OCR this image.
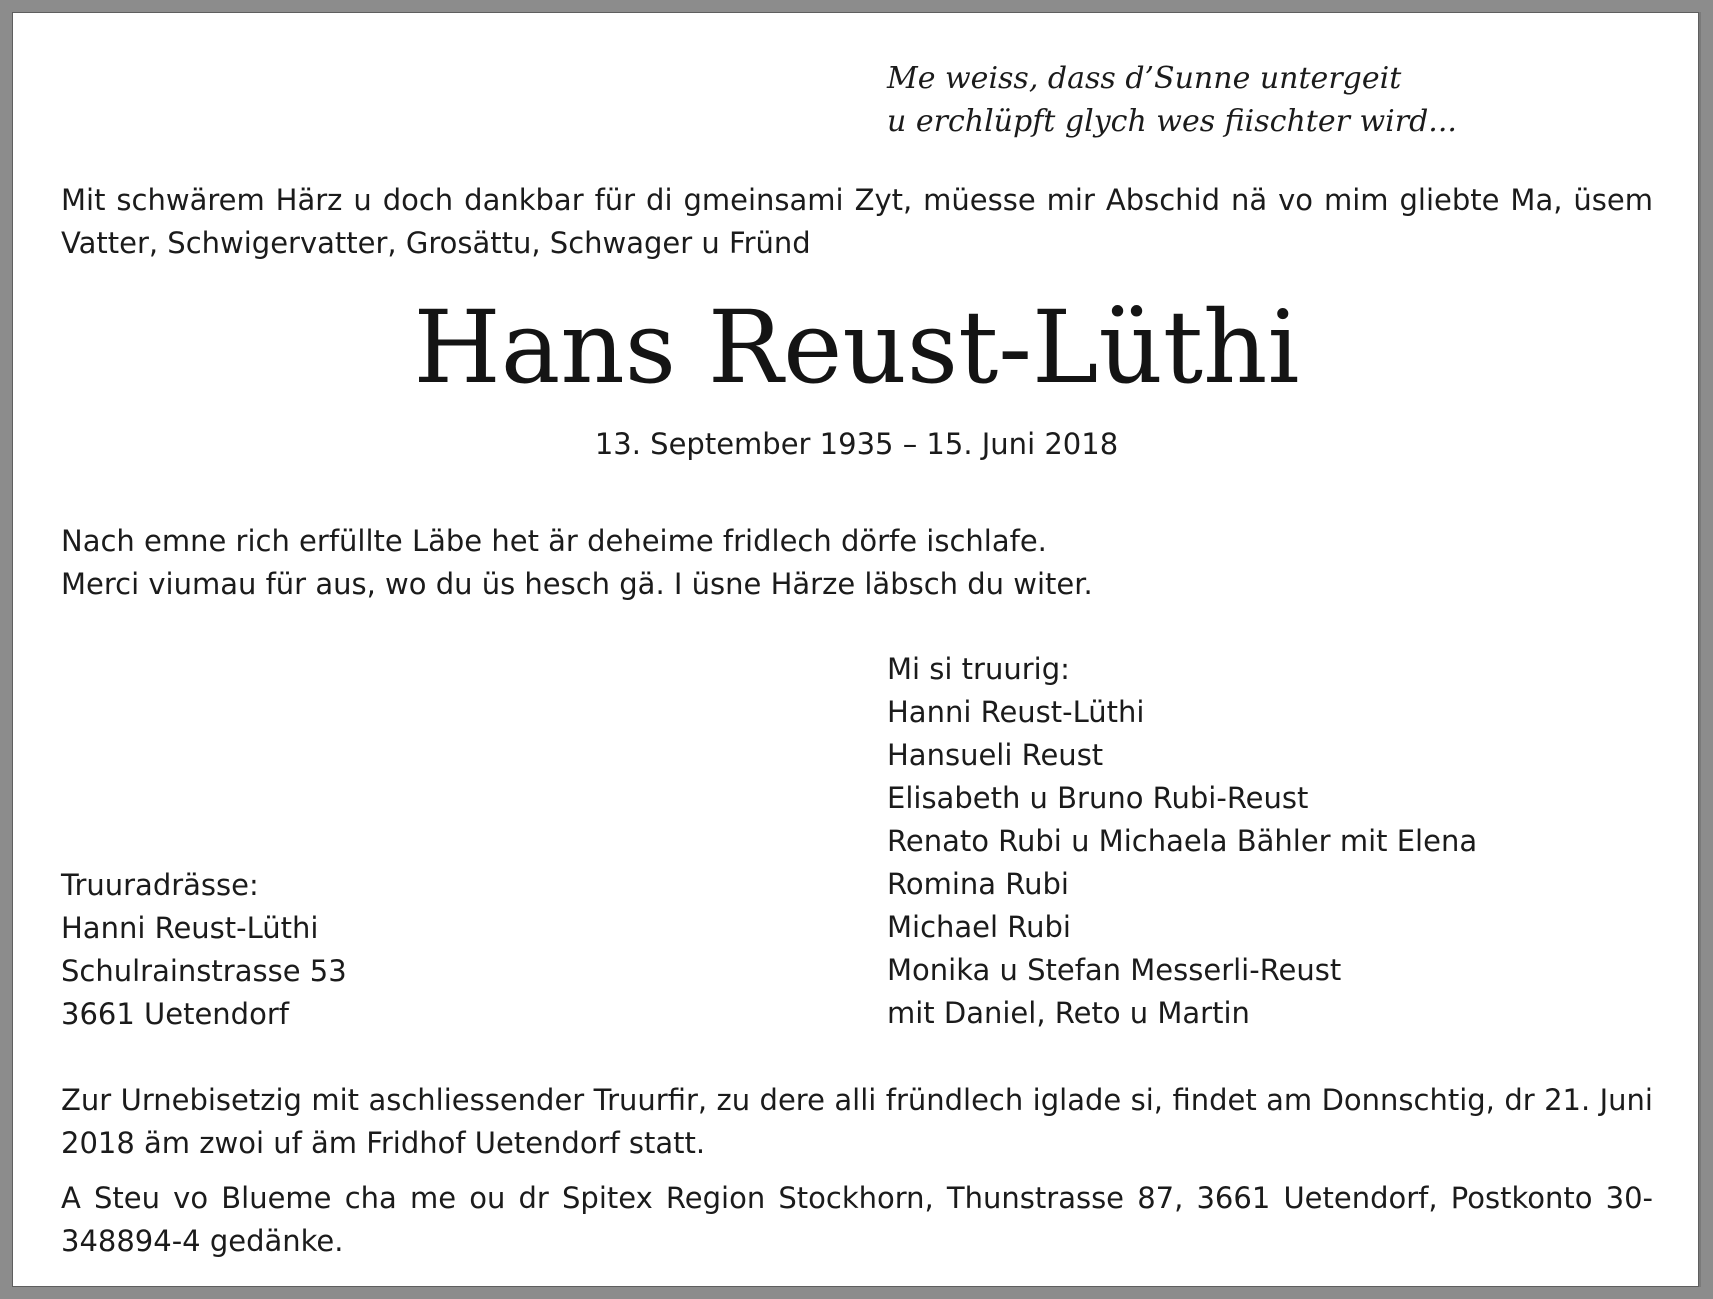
Me weiss, dass d’Sunne untergeit
u erchlüpft glych wes fiischter wird...
Mit schwärem Härz u doch dankbar für di gmeinsami Zyt, müesse mir Abschid nä vo mim gliebte Ma, üsem Vatter, Schwigervatter, Grosättu, Schwager u Fründ
Hans Reust-Lüthi
13. September 1935 – 15. Juni 2018
Nach emne rich erfüllte Läbe het är deheime fridlech dörfe ischlafe.
Merci viumau für aus, wo du üs hesch gä. I üsne Härze läbsch du witer.
Mi si truurig:
Hanni Reust-Lüthi
Hansueli Reust
Elisabeth u Bruno Rubi-Reust
Renato Rubi u Michaela Bähler mit Elena
Romina Rubi
Michael Rubi
Monika u Stefan Messerli-Reust
mit Daniel, Reto u Martin
Truuradrässe:
Hanni Reust-Lüthi
Schulrainstrasse 53
3661 Uetendorf
Zur Urnebisetzig mit aschliessender Truurfir, zu dere alli fründlech iglade si, findet am Donnschtig, dr 21. Juni 2018 äm zwoi uf äm Fridhof Uetendorf statt.
A Steu vo Blueme cha me ou dr Spitex Region Stockhorn, Thunstrasse 87, 3661 Uetendorf, Postkonto 30-348894-4 gedänke.
